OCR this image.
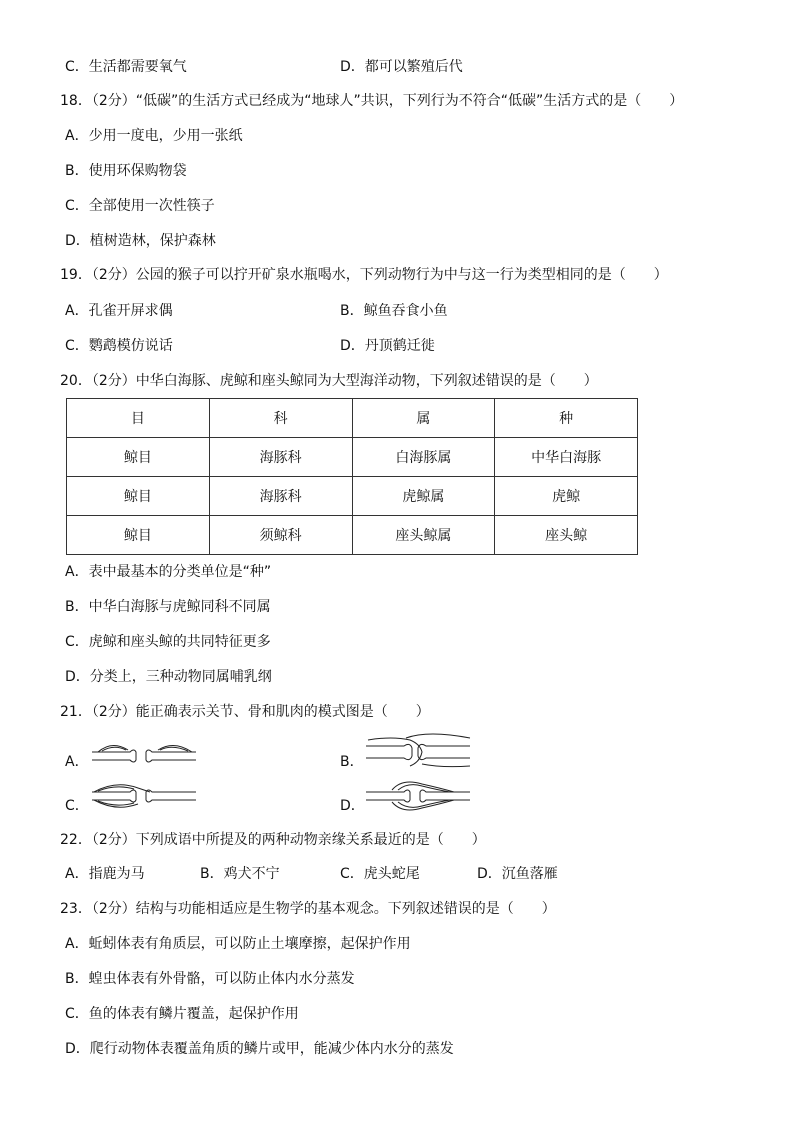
C．生活都需要氧气	D．都可以繁殖后代
18．（2分）“低碳”的生活方式已经成为“地球人”共识，下列行为不符合“低碳”生活方式的是（　　）
A．少用一度电，少用一张纸
B．使用环保购物袋
C．全部使用一次性筷子
D．植树造林，保护森林
19．（2分）公园的猴子可以拧开矿泉水瓶喝水，下列动物行为中与这一行为类型相同的是（　　）
A．孔雀开屏求偶	B．鲸鱼吞食小鱼
C．鹦鹉模仿说话	D．丹顶鹤迁徙
20．（2分）中华白海豚、虎鲸和座头鲸同为大型海洋动物，下列叙述错误的是（　　）
目	科	属	种
鲸目	海豚科	白海豚属	中华白海豚
鲸目	海豚科	虎鲸属	虎鲸
鲸目	须鲸科	座头鲸属	座头鲸
A．表中最基本的分类单位是“种”
B．中华白海豚与虎鲸同科不同属
C．虎鲸和座头鲸的共同特征更多
D．分类上，三种动物同属哺乳纲
21．（2分）能正确表示关节、骨和肌肉的模式图是（　　）
A．	B．
C．	D．
22．（2分）下列成语中所提及的两种动物亲缘关系最近的是（　　）
A．指鹿为马	B．鸡犬不宁	C．虎头蛇尾	D．沉鱼落雁
23．（2分）结构与功能相适应是生物学的基本观念。下列叙述错误的是（　　）
A．蚯蚓体表有角质层，可以防止土壤摩擦，起保护作用
B．蝗虫体表有外骨骼，可以防止体内水分蒸发
C．鱼的体表有鳞片覆盖，起保护作用
D．爬行动物体表覆盖角质的鳞片或甲，能减少体内水分的蒸发
